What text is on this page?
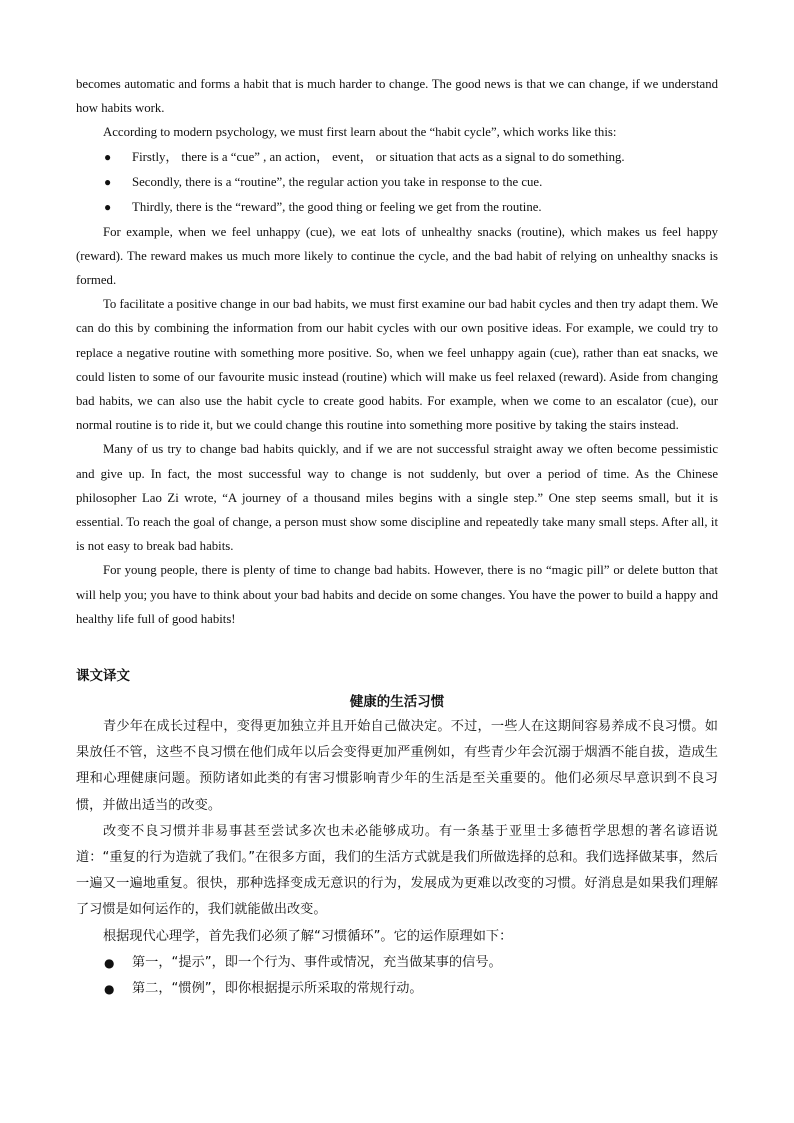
becomes automatic and forms a habit that is much harder to change. The good news is that we can change, if we understand how habits work.

According to modern psychology, we must first learn about the “habit cycle”, which works like this:

● Firstly， there is a “cue” , an action， event， or situation that acts as a signal to do something.
● Secondly, there is a “routine”, the regular action you take in response to the cue.
● Thirdly, there is the “reward”, the good thing or feeling we get from the routine.

For example, when we feel unhappy (cue), we eat lots of unhealthy snacks (routine), which makes us feel happy (reward). The reward makes us much more likely to continue the cycle, and the bad habit of relying on unhealthy snacks is formed.

To facilitate a positive change in our bad habits, we must first examine our bad habit cycles and then try adapt them. We can do this by combining the information from our habit cycles with our own positive ideas. For example, we could try to replace a negative routine with something more positive. So, when we feel unhappy again (cue), rather than eat snacks, we could listen to some of our favourite music instead (routine) which will make us feel relaxed (reward). Aside from changing bad habits, we can also use the habit cycle to create good habits. For example, when we come to an escalator (cue), our normal routine is to ride it, but we could change this routine into something more positive by taking the stairs instead.

Many of us try to change bad habits quickly, and if we are not successful straight away we often become pessimistic and give up. In fact, the most successful way to change is not suddenly, but over a period of time. As the Chinese philosopher Lao Zi wrote, “A journey of a thousand miles begins with a single step.” One step seems small, but it is essential. To reach the goal of change, a person must show some discipline and repeatedly take many small steps. After all, it is not easy to break bad habits.

For young people, there is plenty of time to change bad habits. However, there is no “magic pill” or delete button that will help you; you have to think about your bad habits and decide on some changes. You have the power to build a happy and healthy life full of good habits!

课文译文
健康的生活习惯

青少年在成长过程中，变得更加独立并且开始自己做决定。不过，一些人在这期间容易养成不良习惯。如果放任不管，这些不良习惯在他们成年以后会变得更加严重例如，有些青少年会沉溺于烟酒不能自拔，造成生理和心理健康问题。预防诸如此类的有害习惯影响青少年的生活是至关重要的。他们必须尽早意识到不良习惯，并做出适当的改变。

改变不良习惯并非易事甚至尝试多次也未必能够成功。有一条基于亚里士多德哲学思想的著名谚语说道：“重复的行为造就了我们。”在很多方面，我们的生活方式就是我们所做选择的总和。我们选择做某事，然后一遍又一遍地重复。很快，那种选择变成无意识的行为，发展成为更难以改变的习惯。好消息是如果我们理解了习惯是如何运作的，我们就能做出改变。

根据现代心理学，首先我们必须了解“习惯循环”。它的运作原理如下：

● 第一，“提示”，即一个行为、事件或情况，充当做某事的信号。
● 第二，“惯例”，即你根据提示所采取的常规行动。
